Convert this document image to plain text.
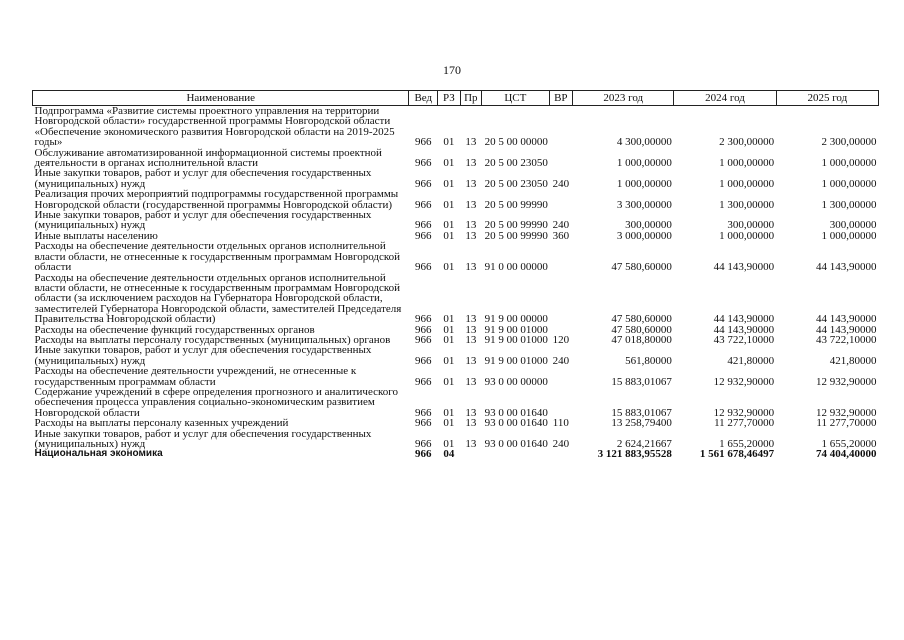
170
Наименование	Вед	РЗ	Пр	ЦСТ	ВР	2023 год	2024 год	2025 год
Подпрограмма «Развитие системы проектного управления на территории Новгородской области» государственной программы Новгородской области «Обеспечение экономического развития Новгородской области на 2019-2025 годы»	966	01	13	20 5 00 00000		4 300,00000	2 300,00000	2 300,00000
Обслуживание автоматизированной информационной системы проектной деятельности в органах исполнительной власти	966	01	13	20 5 00 23050		1 000,00000	1 000,00000	1 000,00000
Иные закупки товаров, работ и услуг для обеспечения государственных (муниципальных) нужд	966	01	13	20 5 00 23050	240	1 000,00000	1 000,00000	1 000,00000
Реализация прочих мероприятий подпрограммы государственной программы Новгородской области (государственной программы Новгородской области)	966	01	13	20 5 00 99990		3 300,00000	1 300,00000	1 300,00000
Иные закупки товаров, работ и услуг для обеспечения государственных (муниципальных) нужд	966	01	13	20 5 00 99990	240	300,00000	300,00000	300,00000
Иные выплаты населению	966	01	13	20 5 00 99990	360	3 000,00000	1 000,00000	1 000,00000
Расходы на обеспечение деятельности отдельных органов исполнительной власти области, не отнесенные к государственным программам Новгородской области	966	01	13	91 0 00 00000		47 580,60000	44 143,90000	44 143,90000
Расходы на обеспечение деятельности отдельных органов исполнительной власти области, не отнесенные к государственным программам Новгородской области (за исключением расходов на Губернатора Новгородской области, заместителей Губернатора Новгородской области, заместителей Председателя Правительства Новгородской области)	966	01	13	91 9 00 00000		47 580,60000	44 143,90000	44 143,90000
Расходы на обеспечение функций государственных органов	966	01	13	91 9 00 01000		47 580,60000	44 143,90000	44 143,90000
Расходы на выплаты персоналу государственных (муниципальных) органов	966	01	13	91 9 00 01000	120	47 018,80000	43 722,10000	43 722,10000
Иные закупки товаров, работ и услуг для обеспечения государственных (муниципальных) нужд	966	01	13	91 9 00 01000	240	561,80000	421,80000	421,80000
Расходы на обеспечение деятельности учреждений, не отнесенные к государственным программам области	966	01	13	93 0 00 00000		15 883,01067	12 932,90000	12 932,90000
Содержание учреждений в сфере определения прогнозного и аналитического обеспечения процесса управления социально-экономическим развитием Новгородской области	966	01	13	93 0 00 01640		15 883,01067	12 932,90000	12 932,90000
Расходы на выплаты персоналу казенных учреждений	966	01	13	93 0 00 01640	110	13 258,79400	11 277,70000	11 277,70000
Иные закупки товаров, работ и услуг для обеспечения государственных (муниципальных) нужд	966	01	13	93 0 00 01640	240	2 624,21667	1 655,20000	1 655,20000
Национальная экономика	966	04				3 121 883,95528	1 561 678,46497	74 404,40000
